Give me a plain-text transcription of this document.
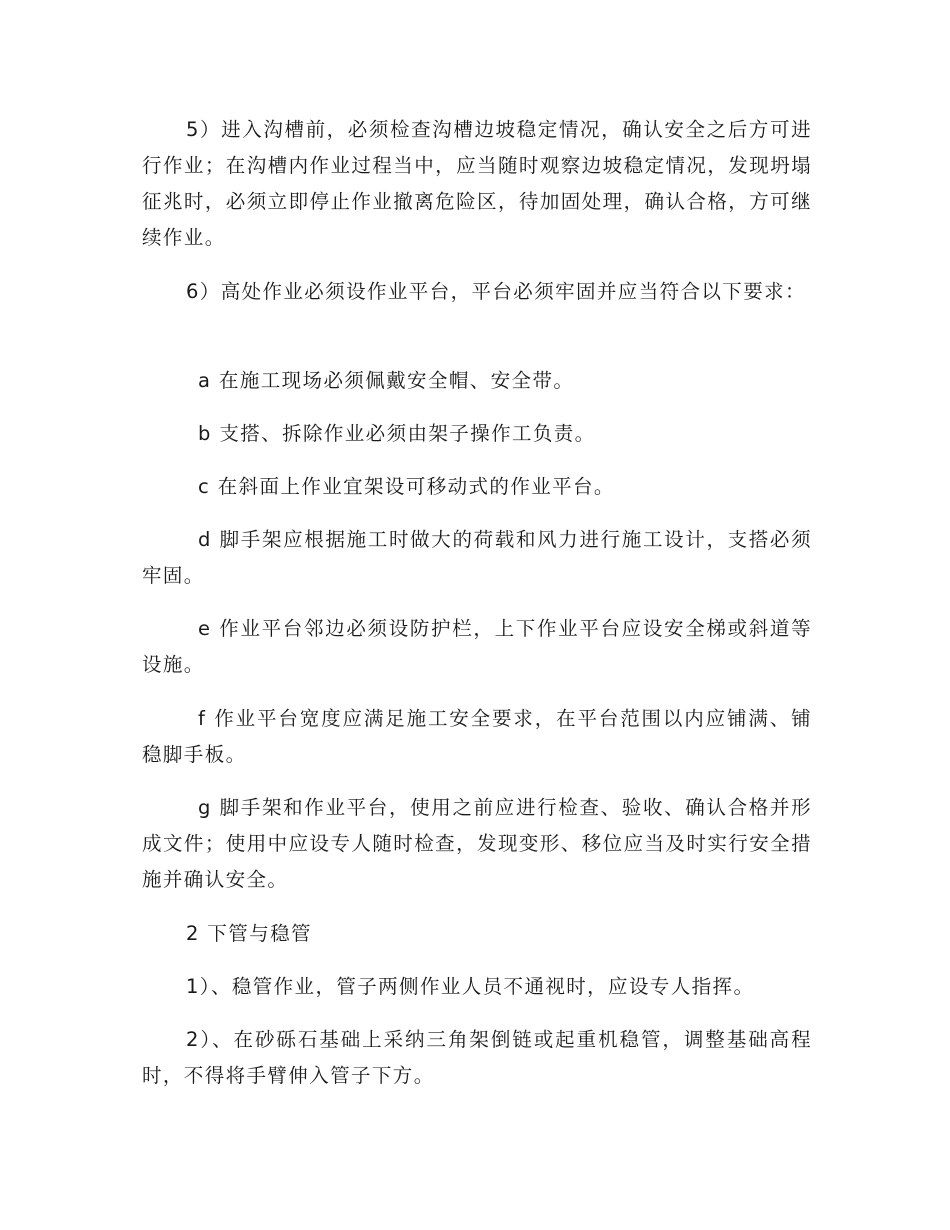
5）进入沟槽前，必须检查沟槽边坡稳定情况，确认安全之后方可进行作业；在沟槽内作业过程当中，应当随时观察边坡稳定情况，发现坍塌征兆时，必须立即停止作业撤离危险区，待加固处理，确认合格，方可继续作业。

6）高处作业必须设作业平台，平台必须牢固并应当符合以下要求：

a 在施工现场必须佩戴安全帽、安全带。

b 支搭、拆除作业必须由架子操作工负责。

c 在斜面上作业宜架设可移动式的作业平台。

d 脚手架应根据施工时做大的荷载和风力进行施工设计，支搭必须牢固。

e 作业平台邻边必须设防护栏，上下作业平台应设安全梯或斜道等设施。

f 作业平台宽度应满足施工安全要求，在平台范围以内应铺满、铺稳脚手板。

g 脚手架和作业平台，使用之前应进行检查、验收、确认合格并形成文件；使用中应设专人随时检查，发现变形、移位应当及时实行安全措施并确认安全。

2 下管与稳管

1）、稳管作业，管子两侧作业人员不通视时，应设专人指挥。

2）、在砂砾石基础上采纳三角架倒链或起重机稳管，调整基础高程时，不得将手臂伸入管子下方。
